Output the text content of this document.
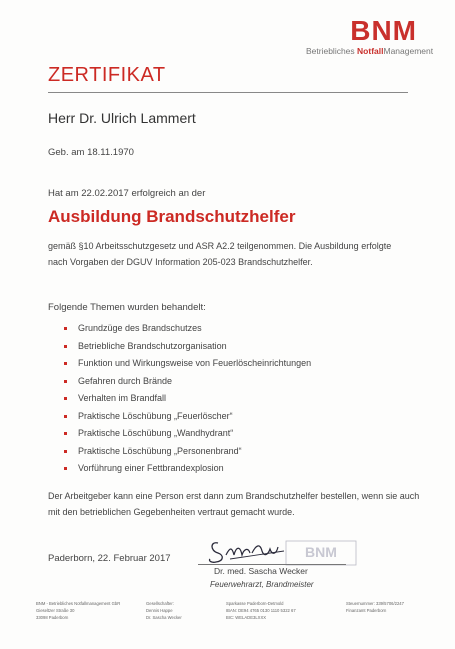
BNM
Betriebliches NotfallManagement
ZERTIFIKAT
Herr Dr. Ulrich Lammert
Geb. am 18.11.1970
Hat am 22.02.2017 erfolgreich an der
Ausbildung Brandschutzhelfer
gemäß §10 Arbeitsschutzgesetz und ASR A2.2 teilgenommen. Die Ausbildung erfolgte nach Vorgaben der DGUV Information 205-023 Brandschutzhelfer.
Folgende Themen wurden behandelt:
Grundzüge des Brandschutzes
Betriebliche Brandschutzorganisation
Funktion und Wirkungsweise von Feuerlöscheinrichtungen
Gefahren durch Brände
Verhalten im Brandfall
Praktische Löschübung „Feuerlöscher“
Praktische Löschübung „Wandhydrant“
Praktische Löschübung „Personenbrand“
Vorführung einer Fettbrandexplosion
Der Arbeitgeber kann eine Person erst dann zum Brandschutzhelfer bestellen, wenn sie auch mit den betrieblichen Gegebenheiten vertraut gemacht wurde.
Paderborn, 22. Februar 2017	BNM
Dr. med. Sascha Wecker
Feuerwehrarzt, Brandmeister
BNM - Betriebliches Notfallmanagement GbR
Gieseltzer Straße 30
33098 Paderborn
Gesellschafter:
Dennis Happe
Dr. Sascha Wecker
Sparkasse Paderborn-Detmold
IBAN: DE94 4765 0130 1110 5322 67
BIC: WELADE3LXXX
Steuernummer: 339/5706/2247
Finanzamt Paderborn
